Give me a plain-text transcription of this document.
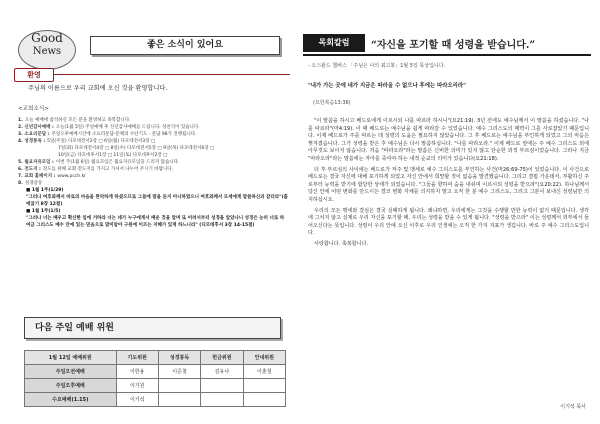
Good
News
좋은 소식이 있어요
환영
주님의 이름으로 우리 교회에 오신 것을 환영합니다.
<교회소식>
1. 오늘 예배에 참석하신 모든 분을 환영하고 축복합니다.
2. 신년감사예배 : 오늘(1월 5일) 주일예배 후 신년감사예배를 드립니다. 성찬식이 있습니다.
3. 소요리문답 : 주일오후예배시간에 소요리문답-문체의 수단기도 - 문답 98가 진행됩니다.
4. 성경통독 : 5일(주일) 다모데전서2장 □ 6일(월) 다모데전서3장 □
7일(화) 다모데전서4장 □ 8일(수) 다모데전서5장 □ 9일(목) 다모데전서6장 □
10일(금) 다모데후서1장 □ 11일(토) 다모데후서2장 □
5. 월요자유모임 : 이번 주(1월 6일) 월요모임은 월요자유모임을 드리지 않습니다.
6. 전도지 : 전도를 위해 교회 전도지를 가지고 가셔서 나누어 주시기 바랍니다.
7. 교회 홈페이지 : www.pcch.kr
8. 성경암송
■ 1월 1주(1/29)
"그러나 여호와께서 바로의 마음을 완악하게 하셨으므로 그들에 말을 듣지 아니하였으니 여호와께서 모세에게 말씀하신과 같더라"(출애굽기 8장 12절)
■ 1월 1주(1/5)
"그러나 너는 배우고 확신한 일에 거하라 너는 네가 누구에게서 배운 것을 알며 또 어려서부터 성경을 알았나니 성경은 능히 너로 하여금 그리스도 예수 안에 있는 믿음으로 말미암아 구원에 이르는 지혜가 있게 하느니라" (디모데후서 3장 14-15절)
다음 주일 예배 위원
1월 12일 예배위원	기도위원	성경봉독	헌금위원	안내위원
주일오전예배	이한용	이준철	김유나	이춘철
주일오후예배	이기원			
수요예배(1.15)	이기석			
목회칼럼	“자신을 포기할 때 성령을 받습니다.”
- 오스왈드 챔버스 「주님은 나의 최고봉」1월 5일 묵상입니다.
"내가 가는 곳에 네가 지금은 따라올 수 없으나 후에는 따라오리라"
(요한복음13:36)

"이 말씀을 하시고 베드로에게 이르시되 나를 따르라 하시니"(요21:19). 3년 전에도 예수님께서 이 말씀을 하셨습니다. "나를 따르라"(마4:19). 이 때 베드로는 예수님을 쉽게 따라갈 수 있었습니다. 예수 그리스도의 매력이 그를 사로잡았기 때문입니다. 이제 베드로가 주를 따르는 데 성령의 도움은 필요하지 않았습니다. 그 후 베드로는 예수님을 부인하게 되었고 그의 마음은 찢겨졌습니다. 그가 성령을 받은 후 예수님은 다시 말씀하십니다. "나를 따라오라." 이제 베드로 앞에는 주 예수 그리스도 외에 아무것도 보이지 않습니다. 처음 "따라오라"라는 말씀은 신비한 의미가 있지 않고 단순한 외적 부르심이었습니다. 그러나 지금 "따라오라"라는 말씀에는 자아를 죽여야 하는 내적 순교의 의미가 있습니다(요21:18).

더 후 부르심의 사이에는 베드로가 저주 및 맹세로 예수 그리스도를 부인하는 사건(마26:69-75)이 있었습니다. 이 사건으로 베드로는 결국 자신에 대해 포기하게 되었고 자신 안에서 희망할 것이 없음을 발견했습니다. 그리고 결핍 가운데서, 부활하신 주로부터 능력을 받기에 합당한 상태가 되었습니다. "그들을 향하여 숨을 내쉬며 이르시되 성령을 받으라"(요20:22). 하나님께서 당신 안에 어떤 변화를 만드시든 결코 변화 자체를 의지하지 말고 오직 한 분 예수 그리스도, 그리고 그분이 보내신 성령님만 의지하십시오.

우리의 모든 맹세와 결심은 결국 실패하게 됩니다. 왜냐하면, 우리에게는 그것을 수행할 만한 능력이 없기 때문입니다. 생각에 그치지 않고 실제로 우리 자신을 포기할 때, 우리는 성령을 받을 수 있게 됩니다. "성령을 받으라" 이는 성령께서 외부에서 들어오신다는 뜻입니다. 성령이 우리 안에 오신 이후로 우리 인생에는 오직 한 가지 지표가 생깁니다. 바로 주 예수 그리스도입니다.

사랑합니다. 축복합니다.

이기석 목사
